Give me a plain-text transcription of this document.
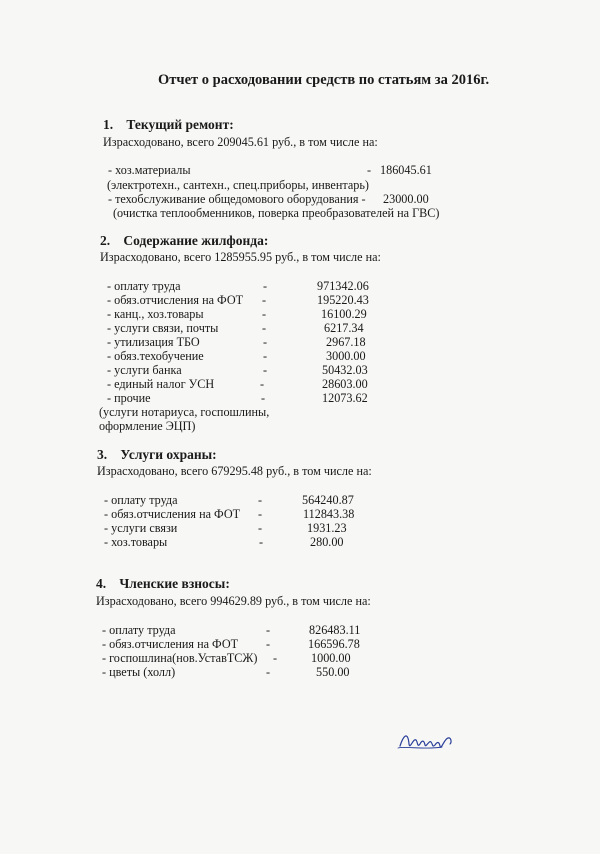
Отчет о расходовании средств по статьям за 2016г.
1. Текущий ремонт:
Израсходовано, всего 209045.61 руб., в том числе на:
- хоз.материалы	- 186045.61
(электротехн., сантехн., спец.приборы, инвентарь)
- техобслуживание общедомового оборудования - 23000.00
(очистка теплообменников, поверка преобразователей на ГВС)
2. Содержание жилфонда:
Израсходовано, всего 1285955.95 руб., в том числе на:
- оплату труда	-	971342.06
- обяз.отчисления на ФОТ -	195220.43
- канц., хоз.товары	-	16100.29
- услуги связи, почты	-	6217.34
- утилизация ТБО	-	2967.18
- обяз.техобучение	-	3000.00
- услуги банка	-	50432.03
- единый налог УСН	-	28603.00
- прочие	-	12073.62
(услуги нотариуса, госпошлины,
оформление ЭЦП)
3. Услуги охраны:
Израсходовано, всего 679295.48 руб., в том числе на:
- оплату труда	-	564240.87
- обяз.отчисления на ФОТ -	112843.38
- услуги связи	-	1931.23
- хоз.товары	-	280.00
4. Членские взносы:
Израсходовано, всего 994629.89 руб., в том числе на:
- оплату труда	-	826483.11
- обяз.отчисления на ФОТ -	166596.78
- госпошлина(нов.УставТСЖ) -	1000.00
- цветы (холл)	-	550.00
